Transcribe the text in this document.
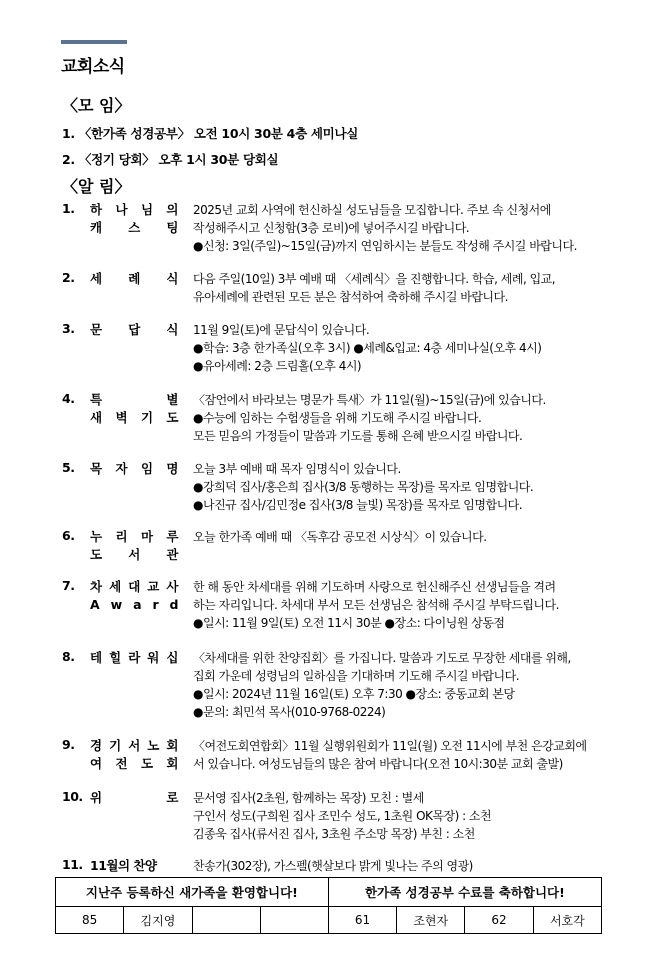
교회소식
〈모 임〉
1. 〈한가족 성경공부〉 오전 10시 30분 4층 세미나실
2. 〈정기 당회〉 오후 1시 30분 당회실
〈알 림〉
1. 하 나 님 의
캐 스 팅
2025년 교회 사역에 헌신하실 성도님들을 모집합니다. 주보 속 신청서에
작성해주시고 신청함(3층 로비)에 넣어주시길 바랍니다.
●신청: 3일(주일)~15일(금)까지 연임하시는 분들도 작성해 주시길 바랍니다.
2. 세 례 식 다음 주일(10일) 3부 예배 때 〈세례식〉을 진행합니다. 학습, 세례, 입교,
유아세례에 관련된 모든 분은 참석하여 축하해 주시길 바랍니다.
3. 문 답 식 11월 9일(토)에 문답식이 있습니다.
●학습: 3층 한가족실(오후 3시) ●세례&입교: 4층 세미나실(오후 4시)
●유아세례: 2층 드림홀(오후 4시)
4. 특	별
새 벽 기 도
〈잠언에서 바라보는 명문가 특새〉가 11일(월)~15일(금)에 있습니다.
●수능에 임하는 수험생들을 위해 기도해 주시길 바랍니다.
모든 믿음의 가정들이 말씀과 기도를 통해 은혜 받으시길 바랍니다.
5. 목 자 임 명 오늘 3부 예배 때 목자 임명식이 있습니다.
●강희덕 집사/홍은희 집사(3/8 동행하는 목장)를 목자로 임명합니다.
●나진규 집사/김민정e 집사(3/8 늘빛) 목장)를 목자로 임명합니다.
6. 누 리 마 루
도 서 관
오늘 한가족 예배 때 〈독후감 공모전 시상식〉이 있습니다.
7. 차 세 대 교 사
A w a r d
한 해 동안 차세대를 위해 기도하며 사랑으로 헌신해주신 선생님들을 격려
하는 자리입니다. 차세대 부서 모든 선생님은 참석해 주시길 부탁드립니다.
●일시: 11월 9일(토) 오전 11시 30분 ●장소: 다이닝원 상동점
8. 테 힐 라 워 십 〈차세대를 위한 찬양집회〉를 가집니다. 말씀과 기도로 무장한 세대를 위해,
집회 가운데 성령님의 일하심을 기대하며 기도해 주시길 바랍니다.
●일시: 2024년 11월 16일(토) 오후 7:30 ●장소: 중동교회 본당
●문의: 최민석 목사(010-9768-0224)
9. 경 기 서 노 회
여 전 도 회
〈여전도회연합회〉11월 실행위원회가 11일(월) 오전 11시에 부천 은강교회에
서 있습니다. 여성도님들의 많은 참여 바랍니다(오전 10시:30분 교회 출발)
10. 위	로 문서영 집사(2초원, 함께하는 목장) 모친 : 별세
구인서 성도(구희원 집사 조민수 성도, 1초원 OK목장) : 소천
김종욱 집사(류서진 집사, 3초원 주소망 목장) 부친 : 소천
11. 11월의 찬양	찬송가(302장), 가스펠(햇살보다 밝게 빛나는 주의 영광)
지난주 등록하신 새가족을 환영합니다!				한가족 성경공부 수료를 축하합니다!			
85	김지영			61	조현자	62	서호각
